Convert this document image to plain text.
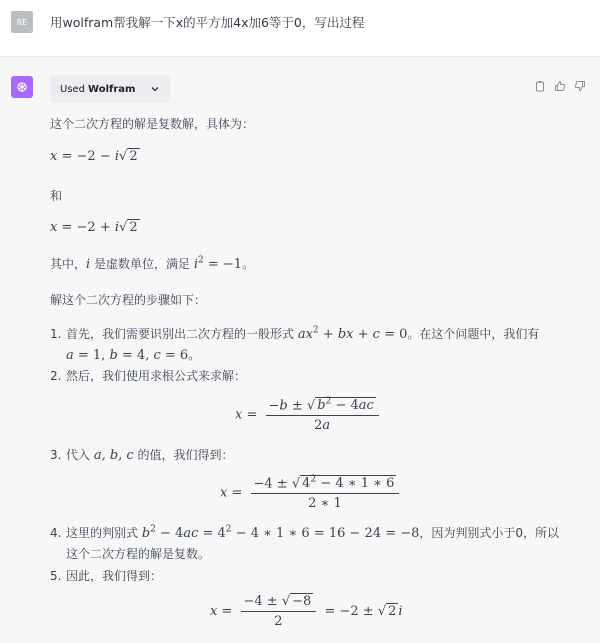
RE	用wolfram帮我解一下x的平方加4x加6等于0，写出过程
Used Wolfram
这个二次方程的解是复数解，具体为：
x = −2 − i√ 2
和
x = −2 + i√ 2
其中，i 是虚数单位，满足 $i^2 = -1$。
解这个二次方程的步骤如下：
1. 首先，我们需要识别出二次方程的一般形式 $ax^2$ + bx + c = 0。在这个问题中，我们有
a = 1, b = 4, c = 6。
2. 然后，我们使用求根公式来求解：
$x = \frac{-b \pm √ b^2 - 4ac}{2a}$
3. 代入 a, b, c 的值，我们得到：
$x = \frac{-4 \pm √ 4^2 - 4 ∗ 1 ∗ 6}{2 ∗ 1}$
4. 这里的判别式 $b^2 - 4ac = 4^2 - 4$ ∗ 1 ∗ 6 = 16 − 24 = −8，因为判别式小于0，所以
这个二次方程的解是复数。
5. 因此，我们得到：
$x = \frac{-4 \pm √ -8}{2} = -2$ ± √ 2 i
